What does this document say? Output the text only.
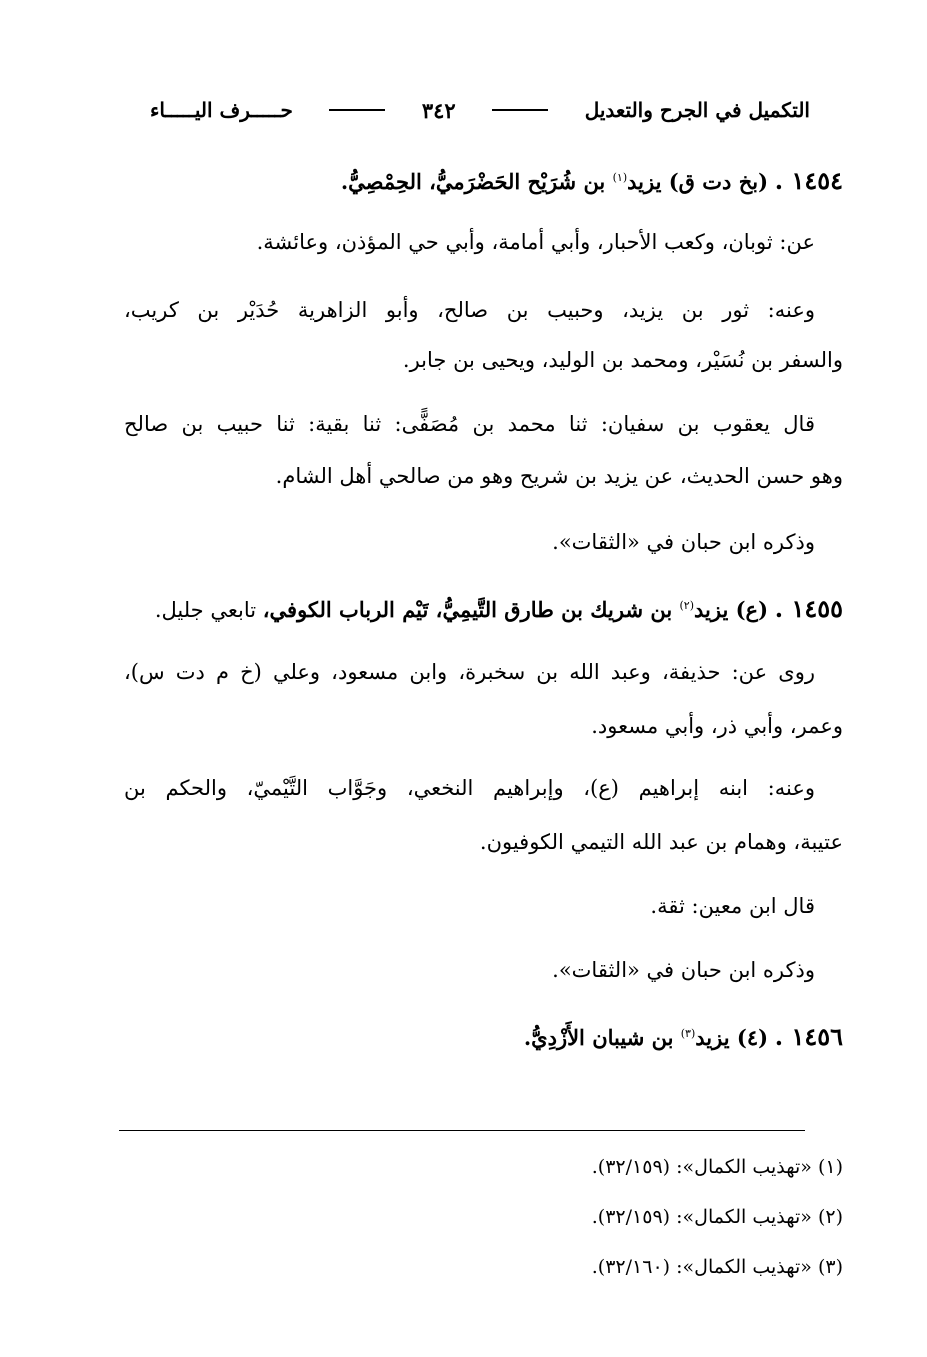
التكميل في الجرح والتعديل
٣٤٢
حـــــرف اليـــــاء
١٤٥٤ . (بخ دت ق) يزيد$^{(١)}$ بن شُرَيْح الحَضْرَميُّ، الحِمْصِيُّ.
عن: ثوبان، وكعب الأحبار، وأبي أمامة، وأبي حي المؤذن، وعائشة.
وعنه: ثور بن يزيد، وحبيب بن صالح، وأبو الزاهرية حُدَيْر بن كريب،
والسفر بن نُسَيْر، ومحمد بن الوليد، ويحيى بن جابر.
قال يعقوب بن سفيان: ثنا محمد بن مُصَفًّى: ثنا بقية: ثنا حبيب بن صالح
وهو حسن الحديث، عن يزيد بن شريح وهو من صالحي أهل الشام.
وذكره ابن حبان في «الثقات».
١٤٥٥ . (ع) يزيد$^{(٢)}$ بن شريك بن طارق التَّيمِيُّ، تَيْم الرباب الكوفي، تابعي جليل.
روى عن: حذيفة، وعبد الله بن سخبرة، وابن مسعود، وعلي (خ م دت س)،
وعمر، وأبي ذر، وأبي مسعود.
وعنه: ابنه إبراهيم (ع)، وإبراهيم النخعي، وجَوَّاب التَّيْميّ، والحكم بن
عتيبة، وهمام بن عبد الله التيمي الكوفيون.
قال ابن معين: ثقة.
وذكره ابن حبان في «الثقات».
١٤٥٦ . (٤) يزيد$^{(٣)}$ بن شيبان الأَزْدِيُّ.
(١) «تهذيب الكمال»: (٣٢/١٥٩).
(٢) «تهذيب الكمال»: (٣٢/١٥٩).
(٣) «تهذيب الكمال»: (٣٢/١٦٠).
